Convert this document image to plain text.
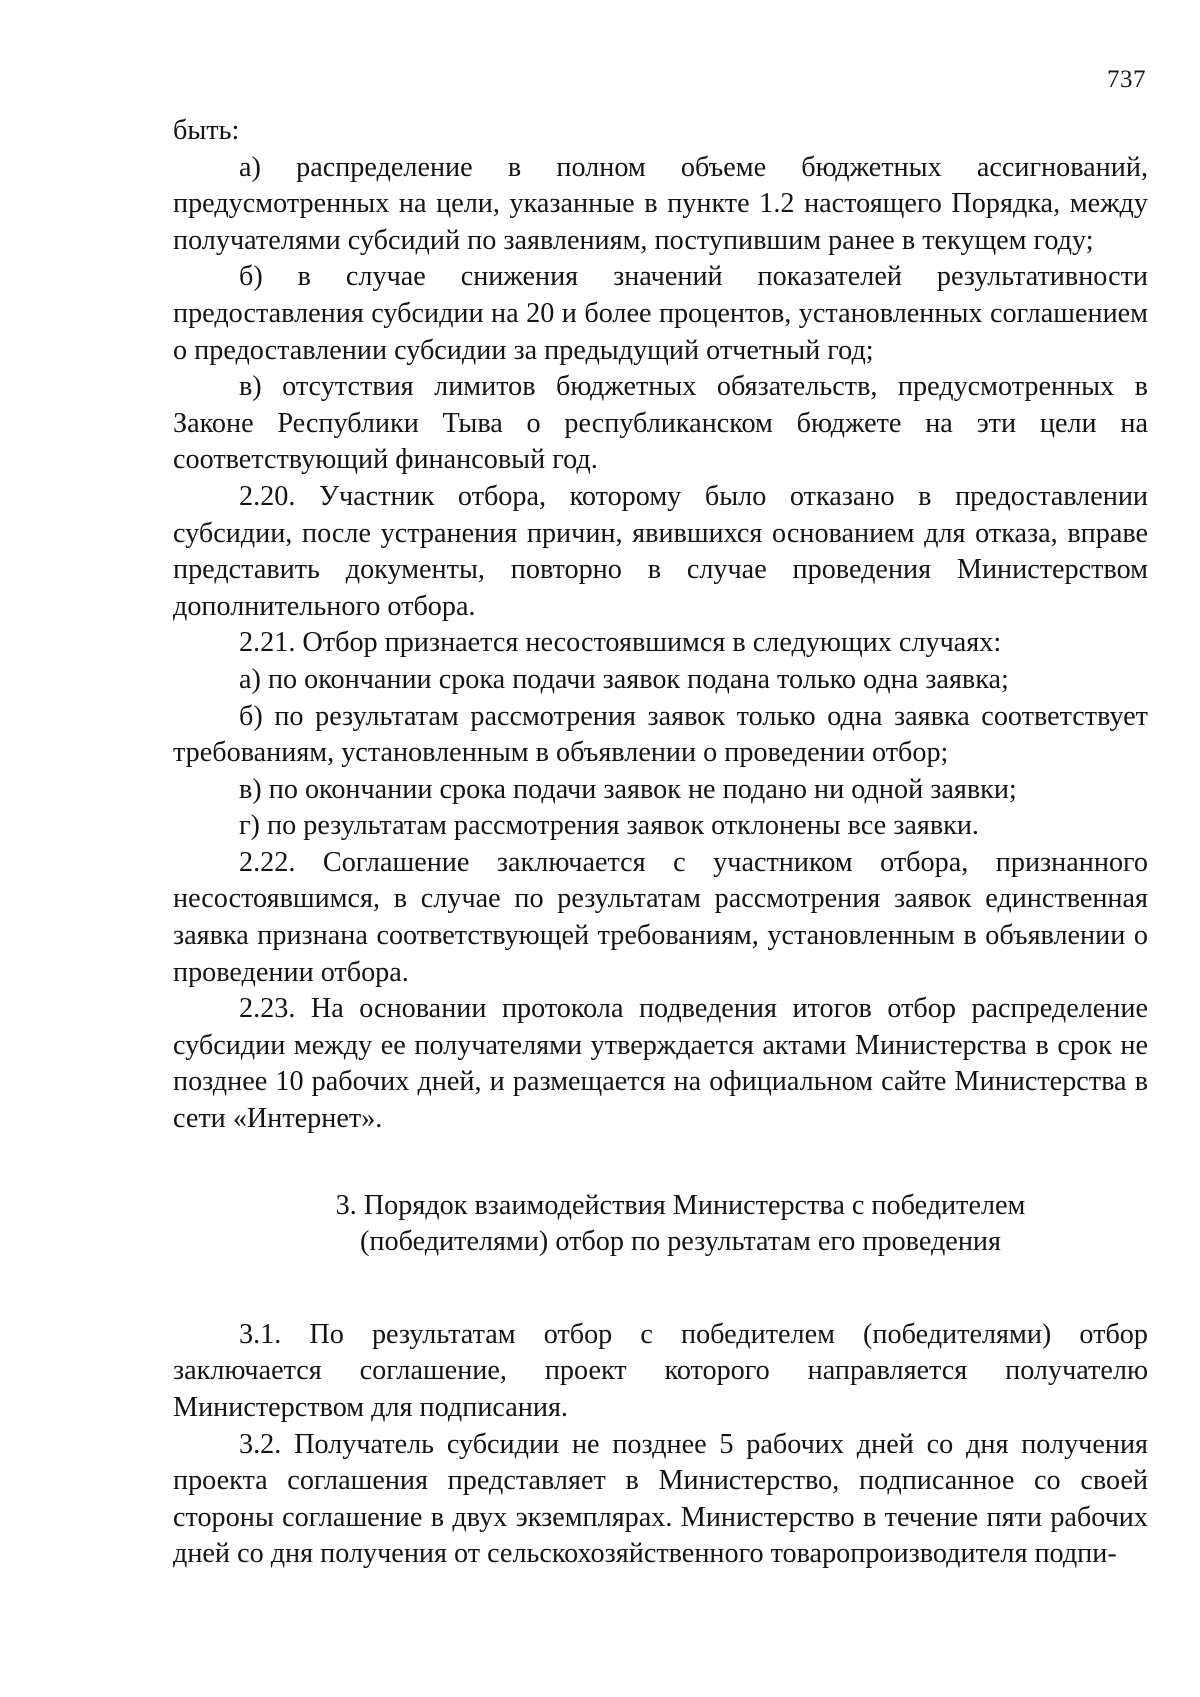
737

быть:

а) распределение в полном объеме бюджетных ассигнований, предусмотренных на цели, указанные в пункте 1.2 настоящего Порядка, между получателями субсидий по заявлениям, поступившим ранее в текущем году;

б) в случае снижения значений показателей результативности предоставления субсидии на 20 и более процентов, установленных соглашением о предоставлении субсидии за предыдущий отчетный год;

в) отсутствия лимитов бюджетных обязательств, предусмотренных в Законе Республики Тыва о республиканском бюджете на эти цели на соответствующий финансовый год.

2.20. Участник отбора, которому было отказано в предоставлении субсидии, после устранения причин, явившихся основанием для отказа, вправе представить документы, повторно в случае проведения Министерством дополнительного отбора.

2.21. Отбор признается несостоявшимся в следующих случаях:

а) по окончании срока подачи заявок подана только одна заявка;

б) по результатам рассмотрения заявок только одна заявка соответствует требованиям, установленным в объявлении о проведении отбор;

в) по окончании срока подачи заявок не подано ни одной заявки;

г) по результатам рассмотрения заявок отклонены все заявки.

2.22. Соглашение заключается с участником отбора, признанного несостоявшимся, в случае по результатам рассмотрения заявок единственная заявка признана соответствующей требованиям, установленным в объявлении о проведении отбора.

2.23. На основании протокола подведения итогов отбор распределение субсидии между ее получателями утверждается актами Министерства в срок не позднее 10 рабочих дней, и размещается на официальном сайте Министерства в сети «Интернет».

3. Порядок взаимодействия Министерства с победителем
(победителями) отбор по результатам его проведения

3.1. По результатам отбор с победителем (победителями) отбор заключается соглашение, проект которого направляется получателю Министерством для подписания.

3.2. Получатель субсидии не позднее 5 рабочих дней со дня получения проекта соглашения представляет в Министерство, подписанное со своей стороны соглашение в двух экземплярах. Министерство в течение пяти рабочих дней со дня получения от сельскохозяйственного товаропроизводителя подпи-
